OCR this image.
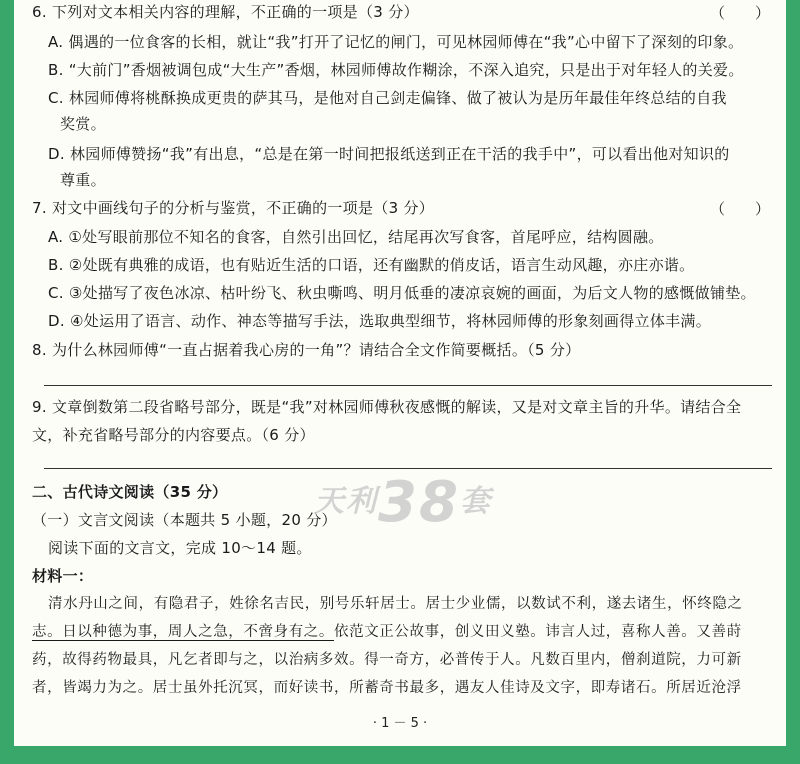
6. 下列对文本相关内容的理解，不正确的一项是（3 分）	（　　）
A. 偶遇的一位食客的长相，就让“我”打开了记忆的闸门，可见林园师傅在“我”心中留下了深刻的印象。
B. “大前门”香烟被调包成“大生产”香烟，林园师傅故作糊涂，不深入追究，只是出于对年轻人的关爱。
C. 林园师傅将桃酥换成更贵的萨其马，是他对自己剑走偏锋、做了被认为是历年最佳年终总结的自我
奖赏。
D. 林园师傅赞扬“我”有出息，“总是在第一时间把报纸送到正在干活的我手中”，可以看出他对知识的
尊重。
7. 对文中画线句子的分析与鉴赏，不正确的一项是（3 分）	（　　）
A. ①处写眼前那位不知名的食客，自然引出回忆，结尾再次写食客，首尾呼应，结构圆融。
B. ②处既有典雅的成语，也有贴近生活的口语，还有幽默的俏皮话，语言生动风趣，亦庄亦谐。
C. ③处描写了夜色冰凉、枯叶纷飞、秋虫嘶鸣、明月低垂的凄凉哀婉的画面，为后文人物的感慨做铺垫。
D. ④处运用了语言、动作、神态等描写手法，选取典型细节，将林园师傅的形象刻画得立体丰满。
8. 为什么林园师傅“一直占据着我心房的一角”？请结合全文作简要概括。（5 分）
9. 文章倒数第二段省略号部分，既是“我”对林园师傅秋夜感慨的解读，又是对文章主旨的升华。请结合全
文，补充省略号部分的内容要点。（6 分）
二、古代诗文阅读（35 分）
（一）文言文阅读（本题共 5 小题，20 分）
阅读下面的文言文，完成 10～14 题。
材料一：
清水丹山之间，有隐君子，姓徐名吉民，别号乐轩居士。居士少业儒，以数试不利，遂去诸生，怀终隐之
志。日以种德为事，周人之急，不啻身有之。依范文正公故事，创义田义塾。讳言人过，喜称人善。又善莳
药，故得药物最具，凡乞者即与之，以治病多效。得一奇方，必普传于人。凡数百里内，僧刹道院，力可新
者，皆竭力为之。居士虽外托沉冥，而好读书，所蓄奇书最多，遇友人佳诗及文字，即寿诸石。所居近沧浮
天利38套
· 1 － 5 ·
